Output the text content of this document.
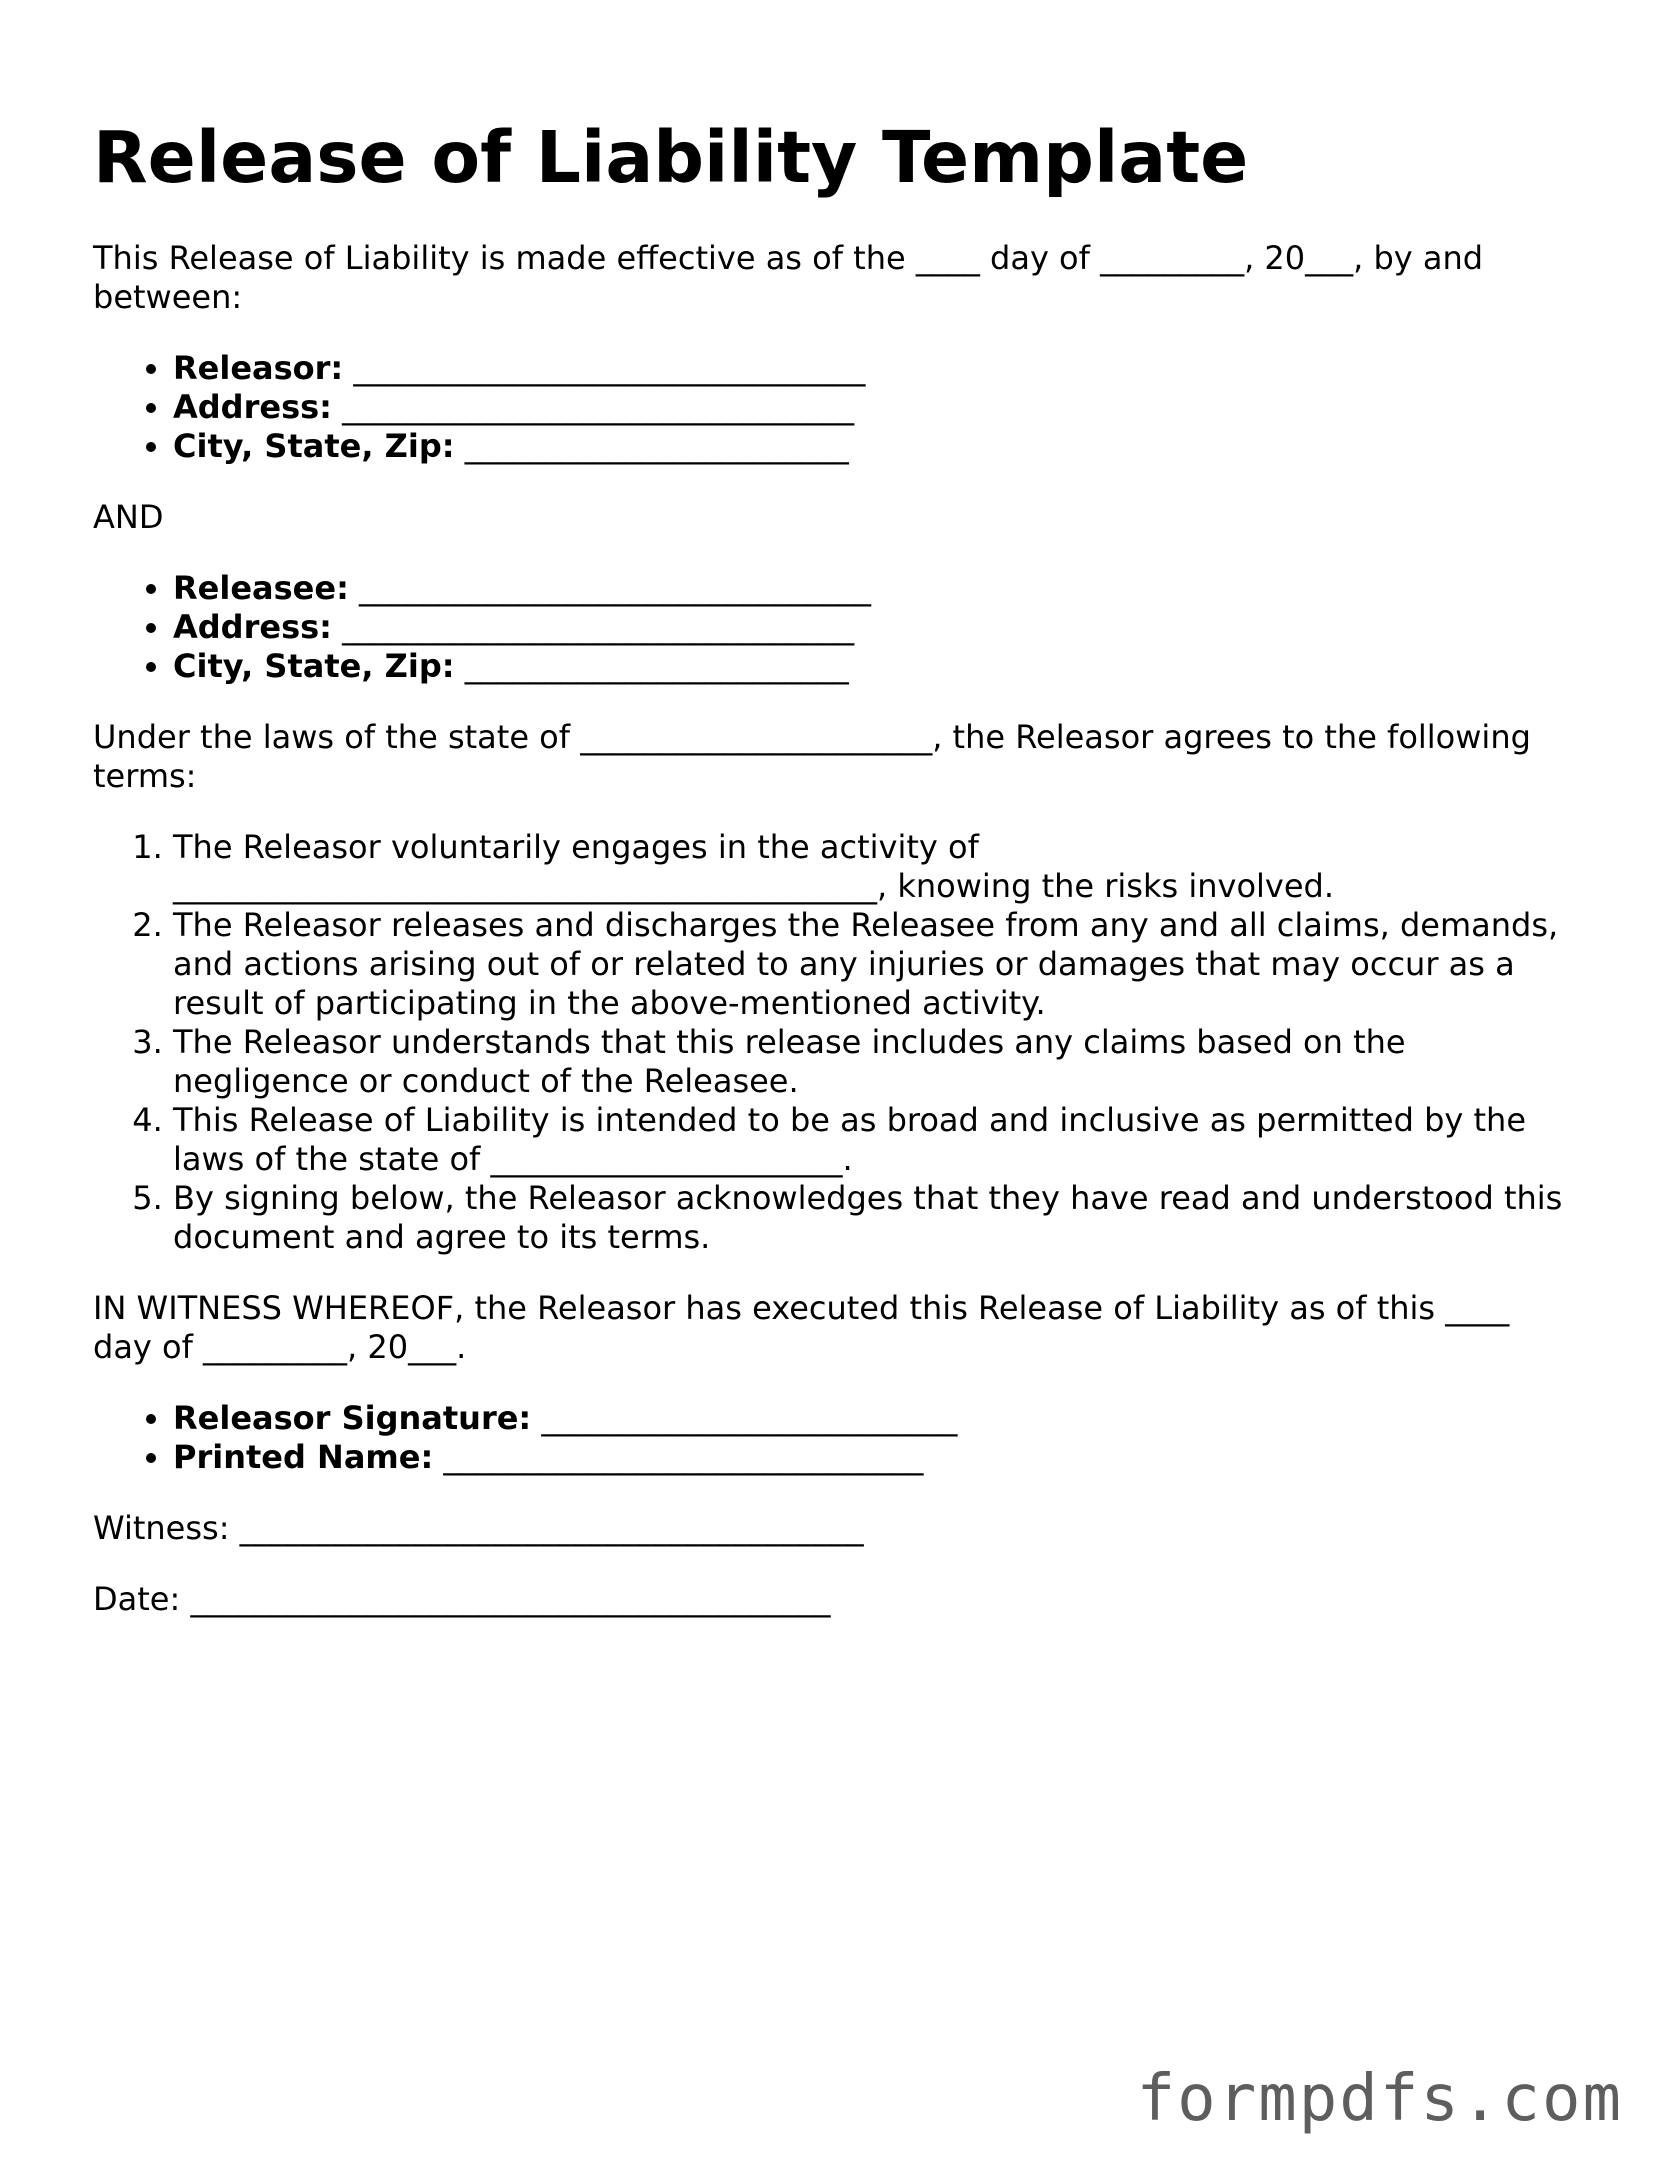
Release of Liability Template

This Release of Liability is made effective as of the ____ day of _________, 20___, by and between:

• Releasor: ________________________________
• Address: ________________________________
• City, State, Zip: ________________________

AND

• Releasee: ________________________________
• Address: ________________________________
• City, State, Zip: ________________________

Under the laws of the state of ______________________, the Releasor agrees to the following terms:

1. The Releasor voluntarily engages in the activity of ____________________________________________, knowing the risks involved.
2. The Releasor releases and discharges the Releasee from any and all claims, demands, and actions arising out of or related to any injuries or damages that may occur as a result of participating in the above-mentioned activity.
3. The Releasor understands that this release includes any claims based on the negligence or conduct of the Releasee.
4. This Release of Liability is intended to be as broad and inclusive as permitted by the laws of the state of ______________________.
5. By signing below, the Releasor acknowledges that they have read and understood this document and agree to its terms.

IN WITNESS WHEREOF, the Releasor has executed this Release of Liability as of this ____ day of _________, 20___.

• Releasor Signature: __________________________
• Printed Name: ______________________________

Witness: _______________________________________

Date: ________________________________________

formpdfs.com
